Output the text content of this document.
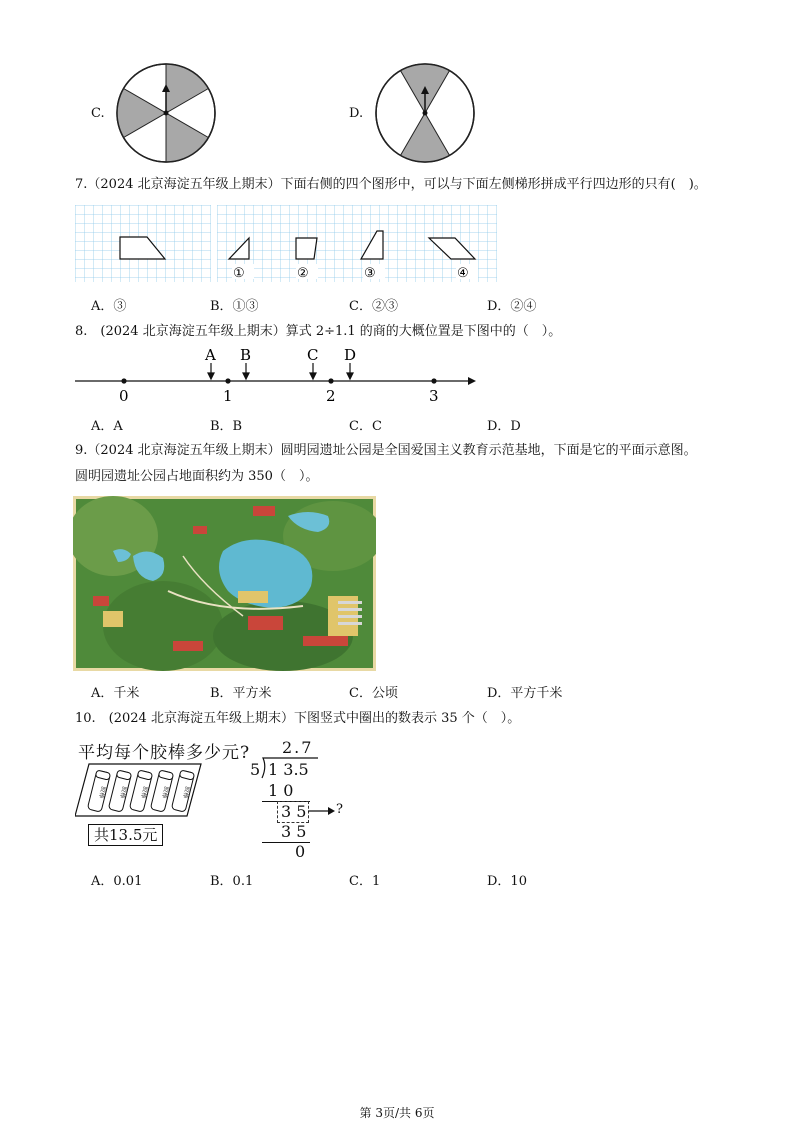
C.	D.
7.（2024 北京海淀五年级上期末）下面右侧的四个图形中，可以与下面左侧梯形拼成平行四边形的只有(　)。
①	②	③	④
A．③	B．①③	C．②③	D．②④
8.　(2024 北京海淀五年级上期末）算式 2÷1.1 的商的大概位置是下图中的（　）。
0	1	2	3
A B	C D
A．A	B．B	C．C	D．D
9.（2024 北京海淀五年级上期末）圆明园遗址公园是全国爱国主义教育示范基地，下面是它的平面示意图。
圆明园遗址公园占地面积约为 350（　）。
A．千米	B．平方米	C．公顷	D．平方千米
10.　(2024 北京海淀五年级上期末）下图竖式中圈出的数表示 35 个（　）。
平均每个胶棒多少元?
胶棒 胶棒 胶棒 胶棒 胶棒
共13.5元
2.7
5 1 3.5
1 0
3 5 ?
3 5
0
A．0.01	B．0.1	C．1	D．10
第 3页/共 6页
